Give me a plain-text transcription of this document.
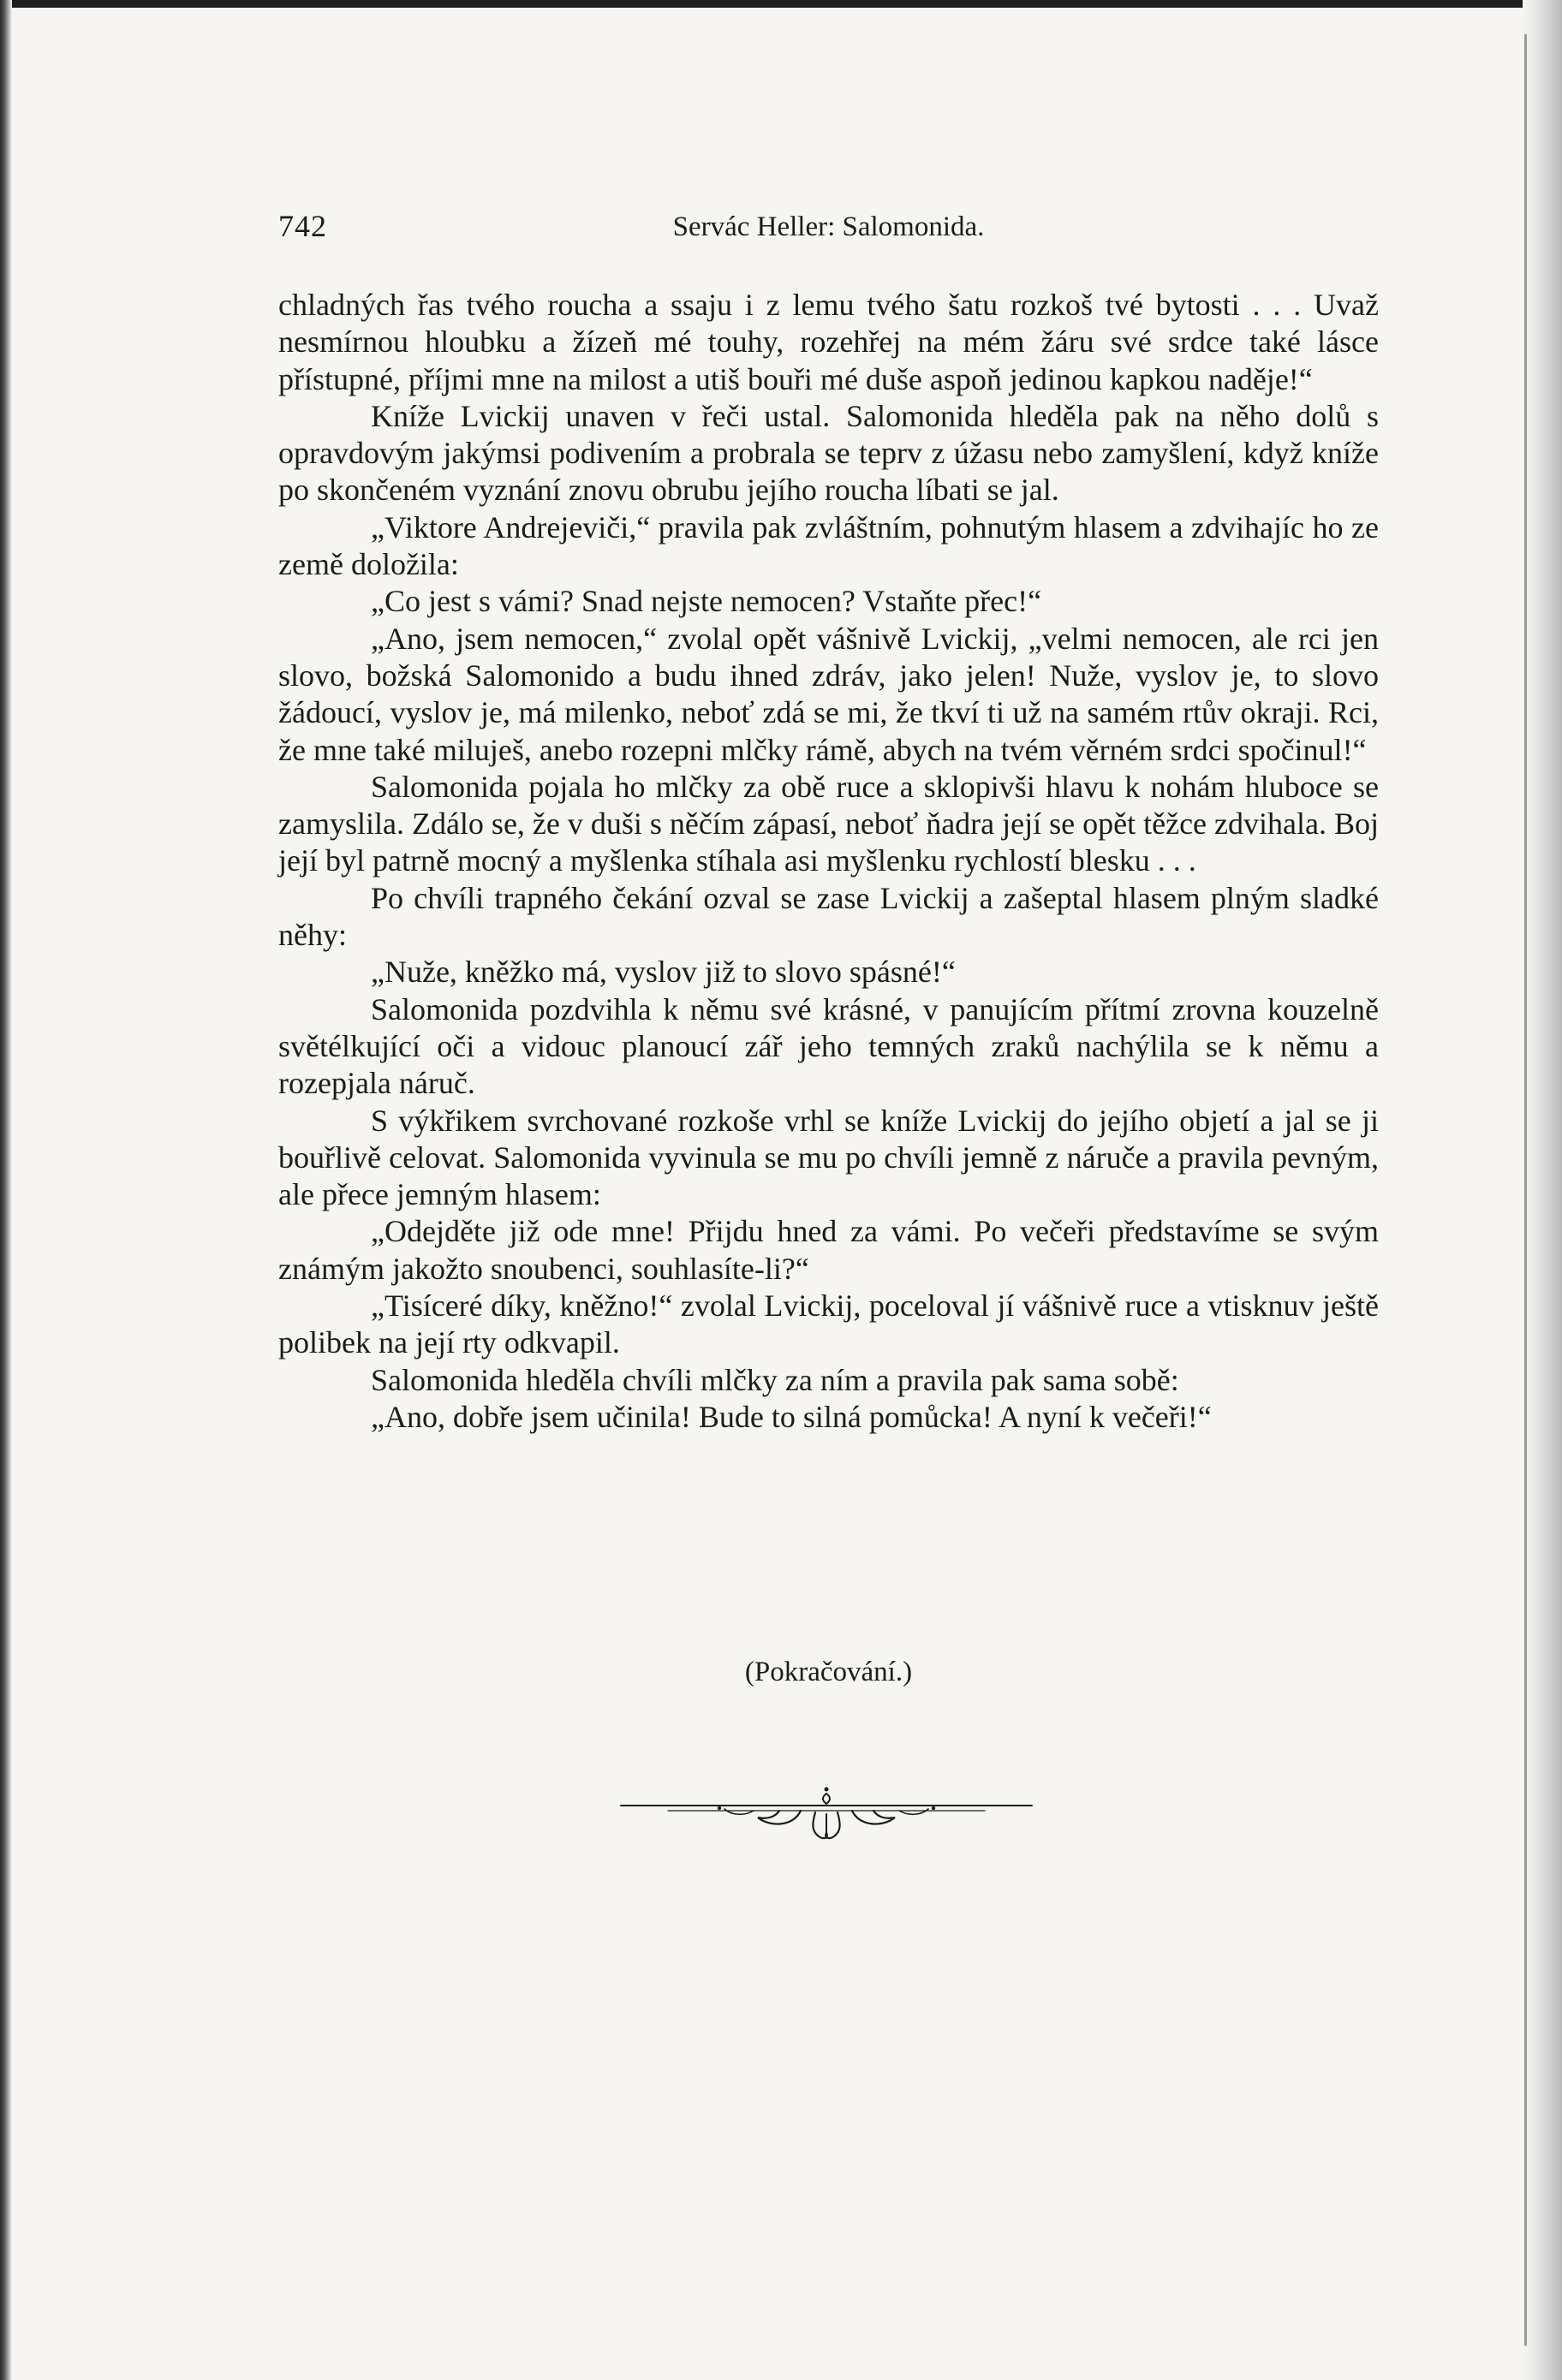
742	Servác Heller: Salomonida.

chladných řas tvého roucha a ssaju i z lemu tvého šatu rozkoš tvé bytosti . . . Uvaž nesmírnou hloubku a žízeň mé touhy, rozehřej na mém žáru své srdce také lásce přístupné, příjmi mne na milost a utiš bouři mé duše aspoň jedinou kapkou naděje!“

Kníže Lvickij unaven v řeči ustal. Salomonida hleděla pak na něho dolů s opravdovým jakýmsi podivením a probrala se teprv z úžasu nebo zamyšlení, když kníže po skončeném vyznání znovu obrubu jejího roucha líbati se jal.

„Viktore Andrejeviči,“ pravila pak zvláštním, pohnutým hlasem a zdvihajíc ho ze země doložila:

„Co jest s vámi? Snad nejste nemocen? Vstaňte přec!“

„Ano, jsem nemocen,“ zvolal opět vášnivě Lvickij, „velmi nemocen, ale rci jen slovo, božská Salomonido a budu ihned zdráv, jako jelen! Nuže, vyslov je, to slovo žádoucí, vyslov je, má milenko, neboť zdá se mi, že tkví ti už na samém rtův okraji. Rci, že mne také miluješ, anebo rozepni mlčky rámě, abych na tvém věrném srdci spočinul!“

Salomonida pojala ho mlčky za obě ruce a sklopivši hlavu k nohám hluboce se zamyslila. Zdálo se, že v duši s něčím zápasí, neboť ňadra její se opět těžce zdvihala. Boj její byl patrně mocný a myšlenka stíhala asi myšlenku rychlostí blesku . . .

Po chvíli trapného čekání ozval se zase Lvickij a zašeptal hlasem plným sladké něhy:

„Nuže, kněžko má, vyslov již to slovo spásné!“

Salomonida pozdvihla k němu své krásné, v panujícím přítmí zrovna kouzelně světélkující oči a vidouc planoucí zář jeho temných zraků nachýlila se k němu a rozepjala náruč.

S výkřikem svrchované rozkoše vrhl se kníže Lvickij do jejího objetí a jal se ji bouřlivě celovat. Salomonida vyvinula se mu po chvíli jemně z náruče a pravila pevným, ale přece jemným hlasem:

„Odejděte již ode mne! Přijdu hned za vámi. Po večeři představíme se svým známým jakožto snoubenci, souhlasíte-li?“

„Tisíceré díky, kněžno!“ zvolal Lvickij, poceloval jí vášnivě ruce a vtisknuv ještě polibek na její rty odkvapil.

Salomonida hleděla chvíli mlčky za ním a pravila pak sama sobě:

„Ano, dobře jsem učinila! Bude to silná pomůcka! A nyní k večeři!“

(Pokračování.)
